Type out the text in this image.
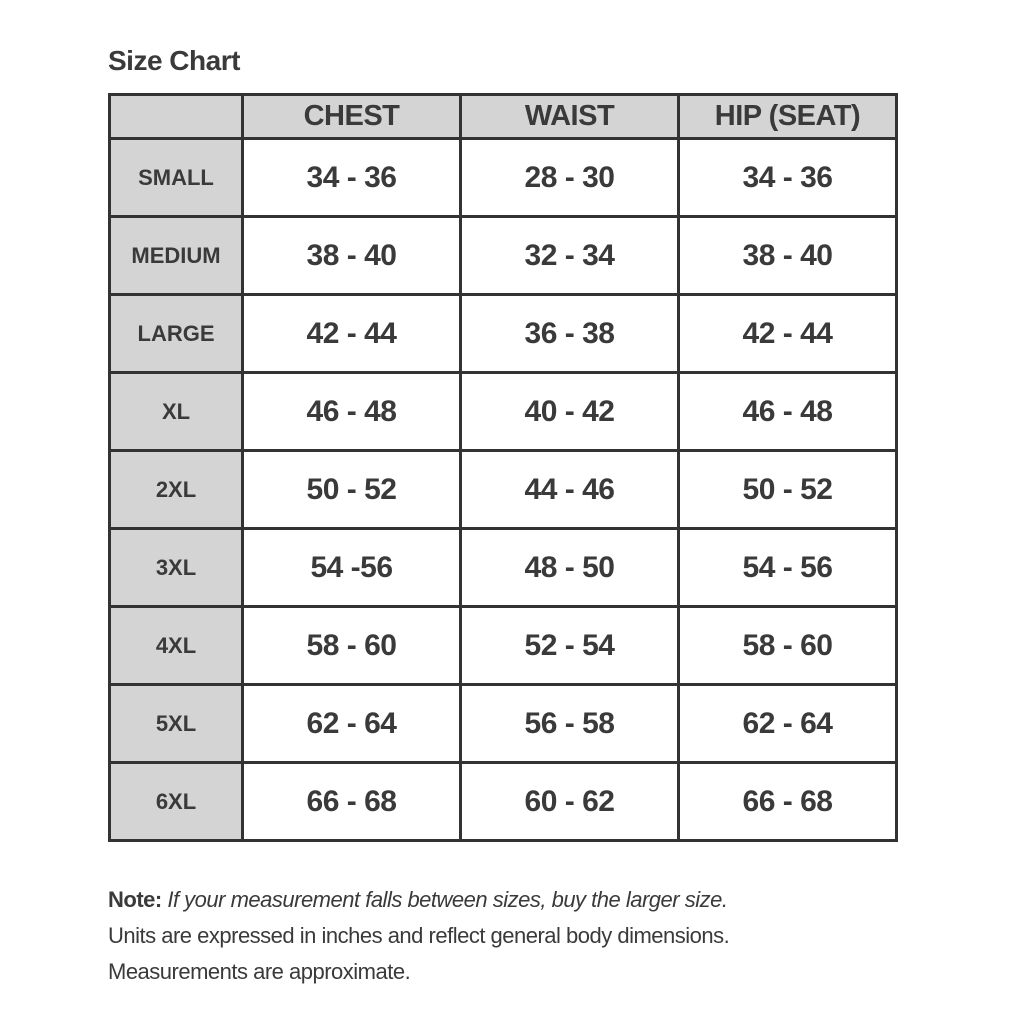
Size Chart
	CHEST	WAIST	HIP (SEAT)
SMALL	34 - 36	28 - 30	34 - 36
MEDIUM	38 - 40	32 - 34	38 - 40
LARGE	42 - 44	36 - 38	42 - 44
XL	46 - 48	40 - 42	46 - 48
2XL	50 - 52	44 - 46	50 - 52
3XL	54 -56	48 - 50	54 - 56
4XL	58 - 60	52 - 54	58 - 60
5XL	62 - 64	56 - 58	62 - 64
6XL	66 - 68	60 - 62	66 - 68
Note: If your measurement falls between sizes, buy the larger size.
Units are expressed in inches and reflect general body dimensions.
Measurements are approximate.
